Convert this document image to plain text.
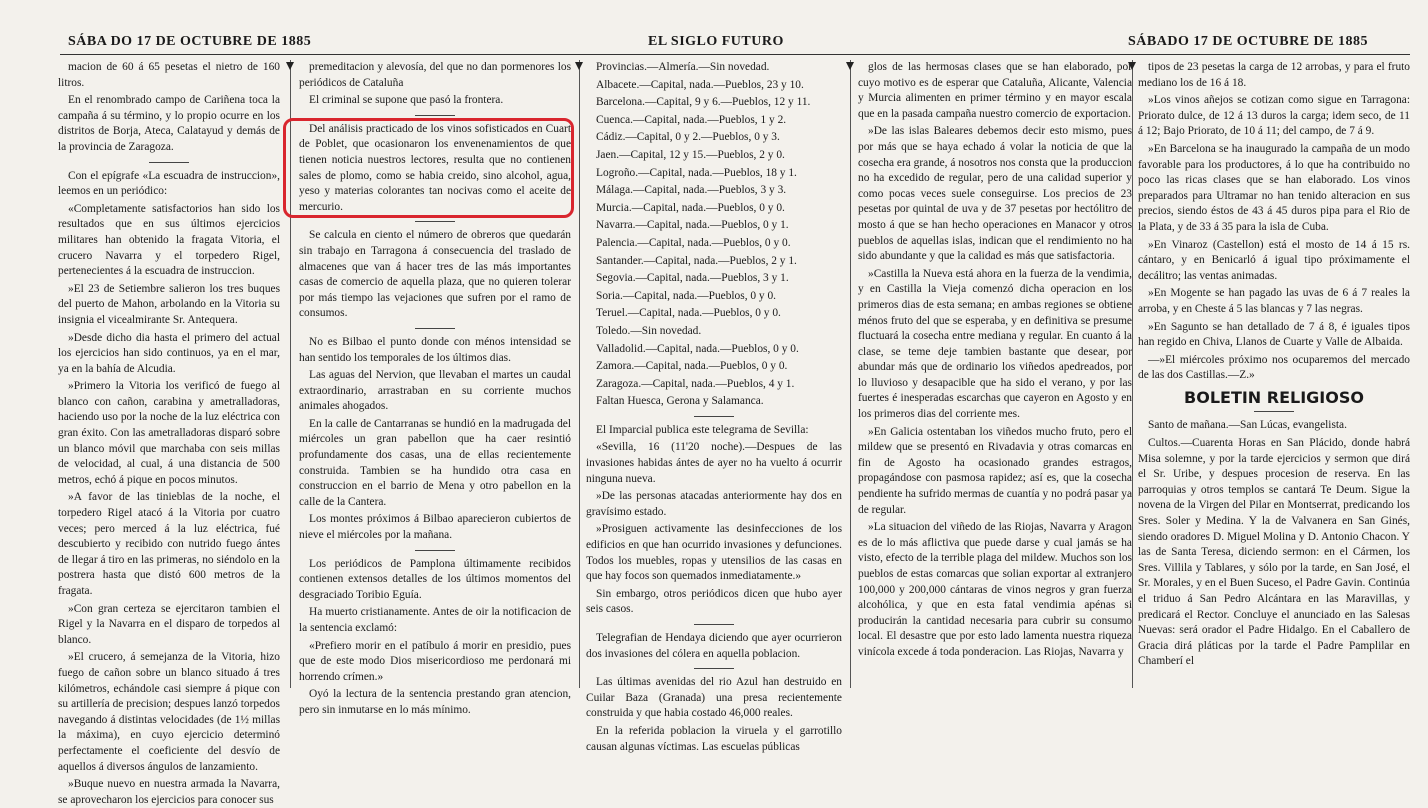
SÁBA DO 17 DE OCTUBRE DE 1885	EL SIGLO FUTURO	SÁBADO 17 DE OCTUBRE DE 1885

macion de 60 á 65 pesetas el nietro de 160 litros.

En el renombrado campo de Cariñena toca la campaña á su término, y lo propio ocurre en los distritos de Borja, Ateca, Calatayud y demás de la provincia de Zaragoza.

Con el epígrafe «La escuadra de instruccion», leemos en un periódico:

«Completamente satisfactorios han sido los resultados que en sus últimos ejercicios militares han obtenido la fragata Vitoria, el crucero Navarra y el torpedero Rigel, pertenecientes á la escuadra de instruccion.

»El 23 de Setiembre salieron los tres buques del puerto de Mahon, arbolando en la Vitoria su insignia el vicealmirante Sr. Antequera.

»Desde dicho dia hasta el primero del actual los ejercicios han sido continuos, ya en el mar, ya en la bahía de Alcudia.

»Primero la Vitoria los verificó de fuego al blanco con cañon, carabina y ametralladoras, haciendo uso por la noche de la luz eléctrica con gran éxito. Con las ametralladoras disparó sobre un blanco móvil que marchaba con seis millas de velocidad, al cual, á una distancia de 500 metros, echó á pique en pocos minutos.

»A favor de las tinieblas de la noche, el torpedero Rigel atacó á la Vitoria por cuatro veces; pero merced á la luz eléctrica, fué descubierto y recibido con nutrido fuego ántes de llegar á tiro en las primeras, no siéndolo en la postrera hasta que distó 600 metros de la fragata.

»Con gran certeza se ejercitaron tambien el Rigel y la Navarra en el disparo de torpedos al blanco.

»El crucero, á semejanza de la Vitoria, hizo fuego de cañon sobre un blanco situado á tres kilómetros, echándole casi siempre á pique con su artillería de precision; despues lanzó torpedos navegando á distintas velocidades (de 1½ millas la máxima), en cuyo ejercicio determinó perfectamente el coeficiente del desvío de aquellos á diversos ángulos de lanzamiento.

»Buque nuevo en nuestra armada la Navarra, se aprovecharon los ejercicios para conocer sus

premeditacion y alevosía, del que no dan pormenores los periódicos de Cataluña

El criminal se supone que pasó la frontera.

Del análisis practicado de los vinos sofisticados en Cuart de Poblet, que ocasionaron los envenenamientos de que tienen noticia nuestros lectores, resulta que no contienen sales de plomo, como se habia creido, sino alcohol, agua, yeso y materias colorantes tan nocivas como el aceite de mercurio.

Se calcula en ciento el número de obreros que quedarán sin trabajo en Tarragona á consecuencia del traslado de almacenes que van á hacer tres de las más importantes casas de comercio de aquella plaza, que no quieren tolerar por más tiempo las vejaciones que sufren por el ramo de consumos.

No es Bilbao el punto donde con ménos intensidad se han sentido los temporales de los últimos dias.

Las aguas del Nervion, que llevaban el martes un caudal extraordinario, arrastraban en su corriente muchos animales ahogados.

En la calle de Cantarranas se hundió en la madrugada del miércoles un gran pabellon que ha caer resintió profundamente dos casas, una de ellas recientemente construida. Tambien se ha hundido otra casa en construccion en el barrio de Mena y otro pabellon en la calle de la Cantera.

Los montes próximos á Bilbao aparecieron cubiertos de nieve el miércoles por la mañana.

Los periódicos de Pamplona últimamente recibidos contienen extensos detalles de los últimos momentos del desgraciado Toribio Eguía.

Ha muerto cristianamente. Antes de oir la notificacion de la sentencia exclamó:

«Prefiero morir en el patíbulo á morir en presidio, pues que de este modo Dios misericordioso me perdonará mi horrendo crímen.»

Oyó la lectura de la sentencia prestando gran atencion, pero sin inmutarse en lo más mínimo.

Provincias.—Almería.—Sin novedad.

Albacete.—Capital, nada.—Pueblos, 23 y 10.

Barcelona.—Capital, 9 y 6.—Pueblos, 12 y 11.

Cuenca.—Capital, nada.—Pueblos, 1 y 2.

Cádiz.—Capital, 0 y 2.—Pueblos, 0 y 3.

Jaen.—Capital, 12 y 15.—Pueblos, 2 y 0.

Logroño.—Capital, nada.—Pueblos, 18 y 1.

Málaga.—Capital, nada.—Pueblos, 3 y 3.

Murcia.—Capital, nada.—Pueblos, 0 y 0.

Navarra.—Capital, nada.—Pueblos, 0 y 1.

Palencia.—Capital, nada.—Pueblos, 0 y 0.

Santander.—Capital, nada.—Pueblos, 2 y 1.

Segovia.—Capital, nada.—Pueblos, 3 y 1.

Soria.—Capital, nada.—Pueblos, 0 y 0.

Teruel.—Capital, nada.—Pueblos, 0 y 0.

Toledo.—Sin novedad.

Valladolid.—Capital, nada.—Pueblos, 0 y 0.

Zamora.—Capital, nada.—Pueblos, 0 y 0.

Zaragoza.—Capital, nada.—Pueblos, 4 y 1.

Faltan Huesca, Gerona y Salamanca.

El Imparcial publica este telegrama de Sevilla:

«Sevilla, 16 (11'20 noche).—Despues de las invasiones habidas ántes de ayer no ha vuelto á ocurrir ninguna nueva.

»De las personas atacadas anteriormente hay dos en gravísimo estado.

»Prosiguen activamente las desinfecciones de los edificios en que han ocurrido invasiones y defunciones. Todos los muebles, ropas y utensilios de las casas en que hay focos son quemados inmediatamente.»

Sin embargo, otros periódicos dicen que hubo ayer seis casos.

Telegrafian de Hendaya diciendo que ayer ocurrieron dos invasiones del cólera en aquella poblacion.

Las últimas avenidas del rio Azul han destruido en Cuilar Baza (Granada) una presa recientemente construida y que habia costado 46,000 reales.

En la referida poblacion la viruela y el garrotillo causan algunas víctimas. Las escuelas públicas

glos de las hermosas clases que se han elaborado, por cuyo motivo es de esperar que Cataluña, Alicante, Valencia y Murcia alimenten en primer término y en mayor escala que en la pasada campaña nuestro comercio de exportacion.

»De las islas Baleares debemos decir esto mismo, pues por más que se haya echado á volar la noticia de que la cosecha era grande, á nosotros nos consta que la produccion no ha excedido de regular, pero de una calidad superior y como pocas veces suele conseguirse. Los precios de 23 pesetas por quintal de uva y de 37 pesetas por hectólitro de mosto á que se han hecho operaciones en Manacor y otros pueblos de aquellas islas, indican que el rendimiento no ha sido abundante y que la calidad es más que satisfactoria.

»Castilla la Nueva está ahora en la fuerza de la vendimia, y en Castilla la Vieja comenzó dicha operacion en los primeros dias de esta semana; en ambas regiones se obtiene ménos fruto del que se esperaba, y en definitiva se presume fluctuará la cosecha entre mediana y regular. En cuanto á la clase, se teme deje tambien bastante que desear, por abundar más que de ordinario los viñedos apedreados, por lo lluvioso y desapacible que ha sido el verano, y por las fuertes é inesperadas escarchas que cayeron en Agosto y en los primeros dias del corriente mes.

»En Galicia ostentaban los viñedos mucho fruto, pero el mildew que se presentó en Rivadavia y otras comarcas en fin de Agosto ha ocasionado grandes estragos, propagándose con pasmosa rapidez; así es, que la cosecha pendiente ha sufrido mermas de cuantía y no podrá pasar ya de regular.

»La situacion del viñedo de las Riojas, Navarra y Aragon es de lo más aflictiva que puede darse y cual jamás se ha visto, efecto de la terrible plaga del mildew. Muchos son los pueblos de estas comarcas que solian exportar al extranjero 100,000 y 200,000 cántaras de vinos negros y gran fuerza alcohólica, y que en esta fatal vendimia apénas si producirán la cantidad necesaria para cubrir su consumo local. El desastre que por esto lado lamenta nuestra riqueza vinícola excede á toda ponderacion. Las Riojas, Navarra y

tipos de 23 pesetas la carga de 12 arrobas, y para el fruto mediano los de 16 á 18.

»Los vinos añejos se cotizan como sigue en Tarragona: Priorato dulce, de 12 á 13 duros la carga; idem seco, de 11 á 12; Bajo Priorato, de 10 á 11; del campo, de 7 á 9.

»En Barcelona se ha inaugurado la campaña de un modo favorable para los productores, á lo que ha contribuido no poco las ricas clases que se han elaborado. Los vinos preparados para Ultramar no han tenido alteracion en sus precios, siendo éstos de 43 á 45 duros pipa para el Rio de la Plata, y de 33 á 35 para la isla de Cuba.

»En Vinaroz (Castellon) está el mosto de 14 á 15 rs. cántaro, y en Benicarló á igual tipo próximamente el decálitro; las ventas animadas.

»En Mogente se han pagado las uvas de 6 á 7 reales la arroba, y en Cheste á 5 las blancas y 7 las negras.

»En Sagunto se han detallado de 7 á 8, é iguales tipos han regido en Chiva, Llanos de Cuarte y Valle de Albaida.

—»El miércoles próximo nos ocuparemos del mercado de las dos Castillas.—Z.»

BOLETIN RELIGIOSO

Santo de mañana.—San Lúcas, evangelista.

Cultos.—Cuarenta Horas en San Plácido, donde habrá Misa solemne, y por la tarde ejercicios y sermon que dirá el Sr. Uribe, y despues procesion de reserva. En las parroquias y otros templos se cantará Te Deum. Sigue la novena de la Virgen del Pilar en Montserrat, predicando los Sres. Soler y Medina. Y la de Valvanera en San Ginés, siendo oradores D. Miguel Molina y D. Antonio Chacon. Y las de Santa Teresa, diciendo sermon: en el Cármen, los Sres. Villila y Tablares, y sólo por la tarde, en San José, el Sr. Morales, y en el Buen Suceso, el Padre Gavin. Continúa el triduo á San Pedro Alcántara en las Maravillas, y predicará el Rector. Concluye el anunciado en las Salesas Nuevas: será orador el Padre Hidalgo. En el Caballero de Gracia dirá pláticas por la tarde el Padre Pamplilar en Chamberí el
